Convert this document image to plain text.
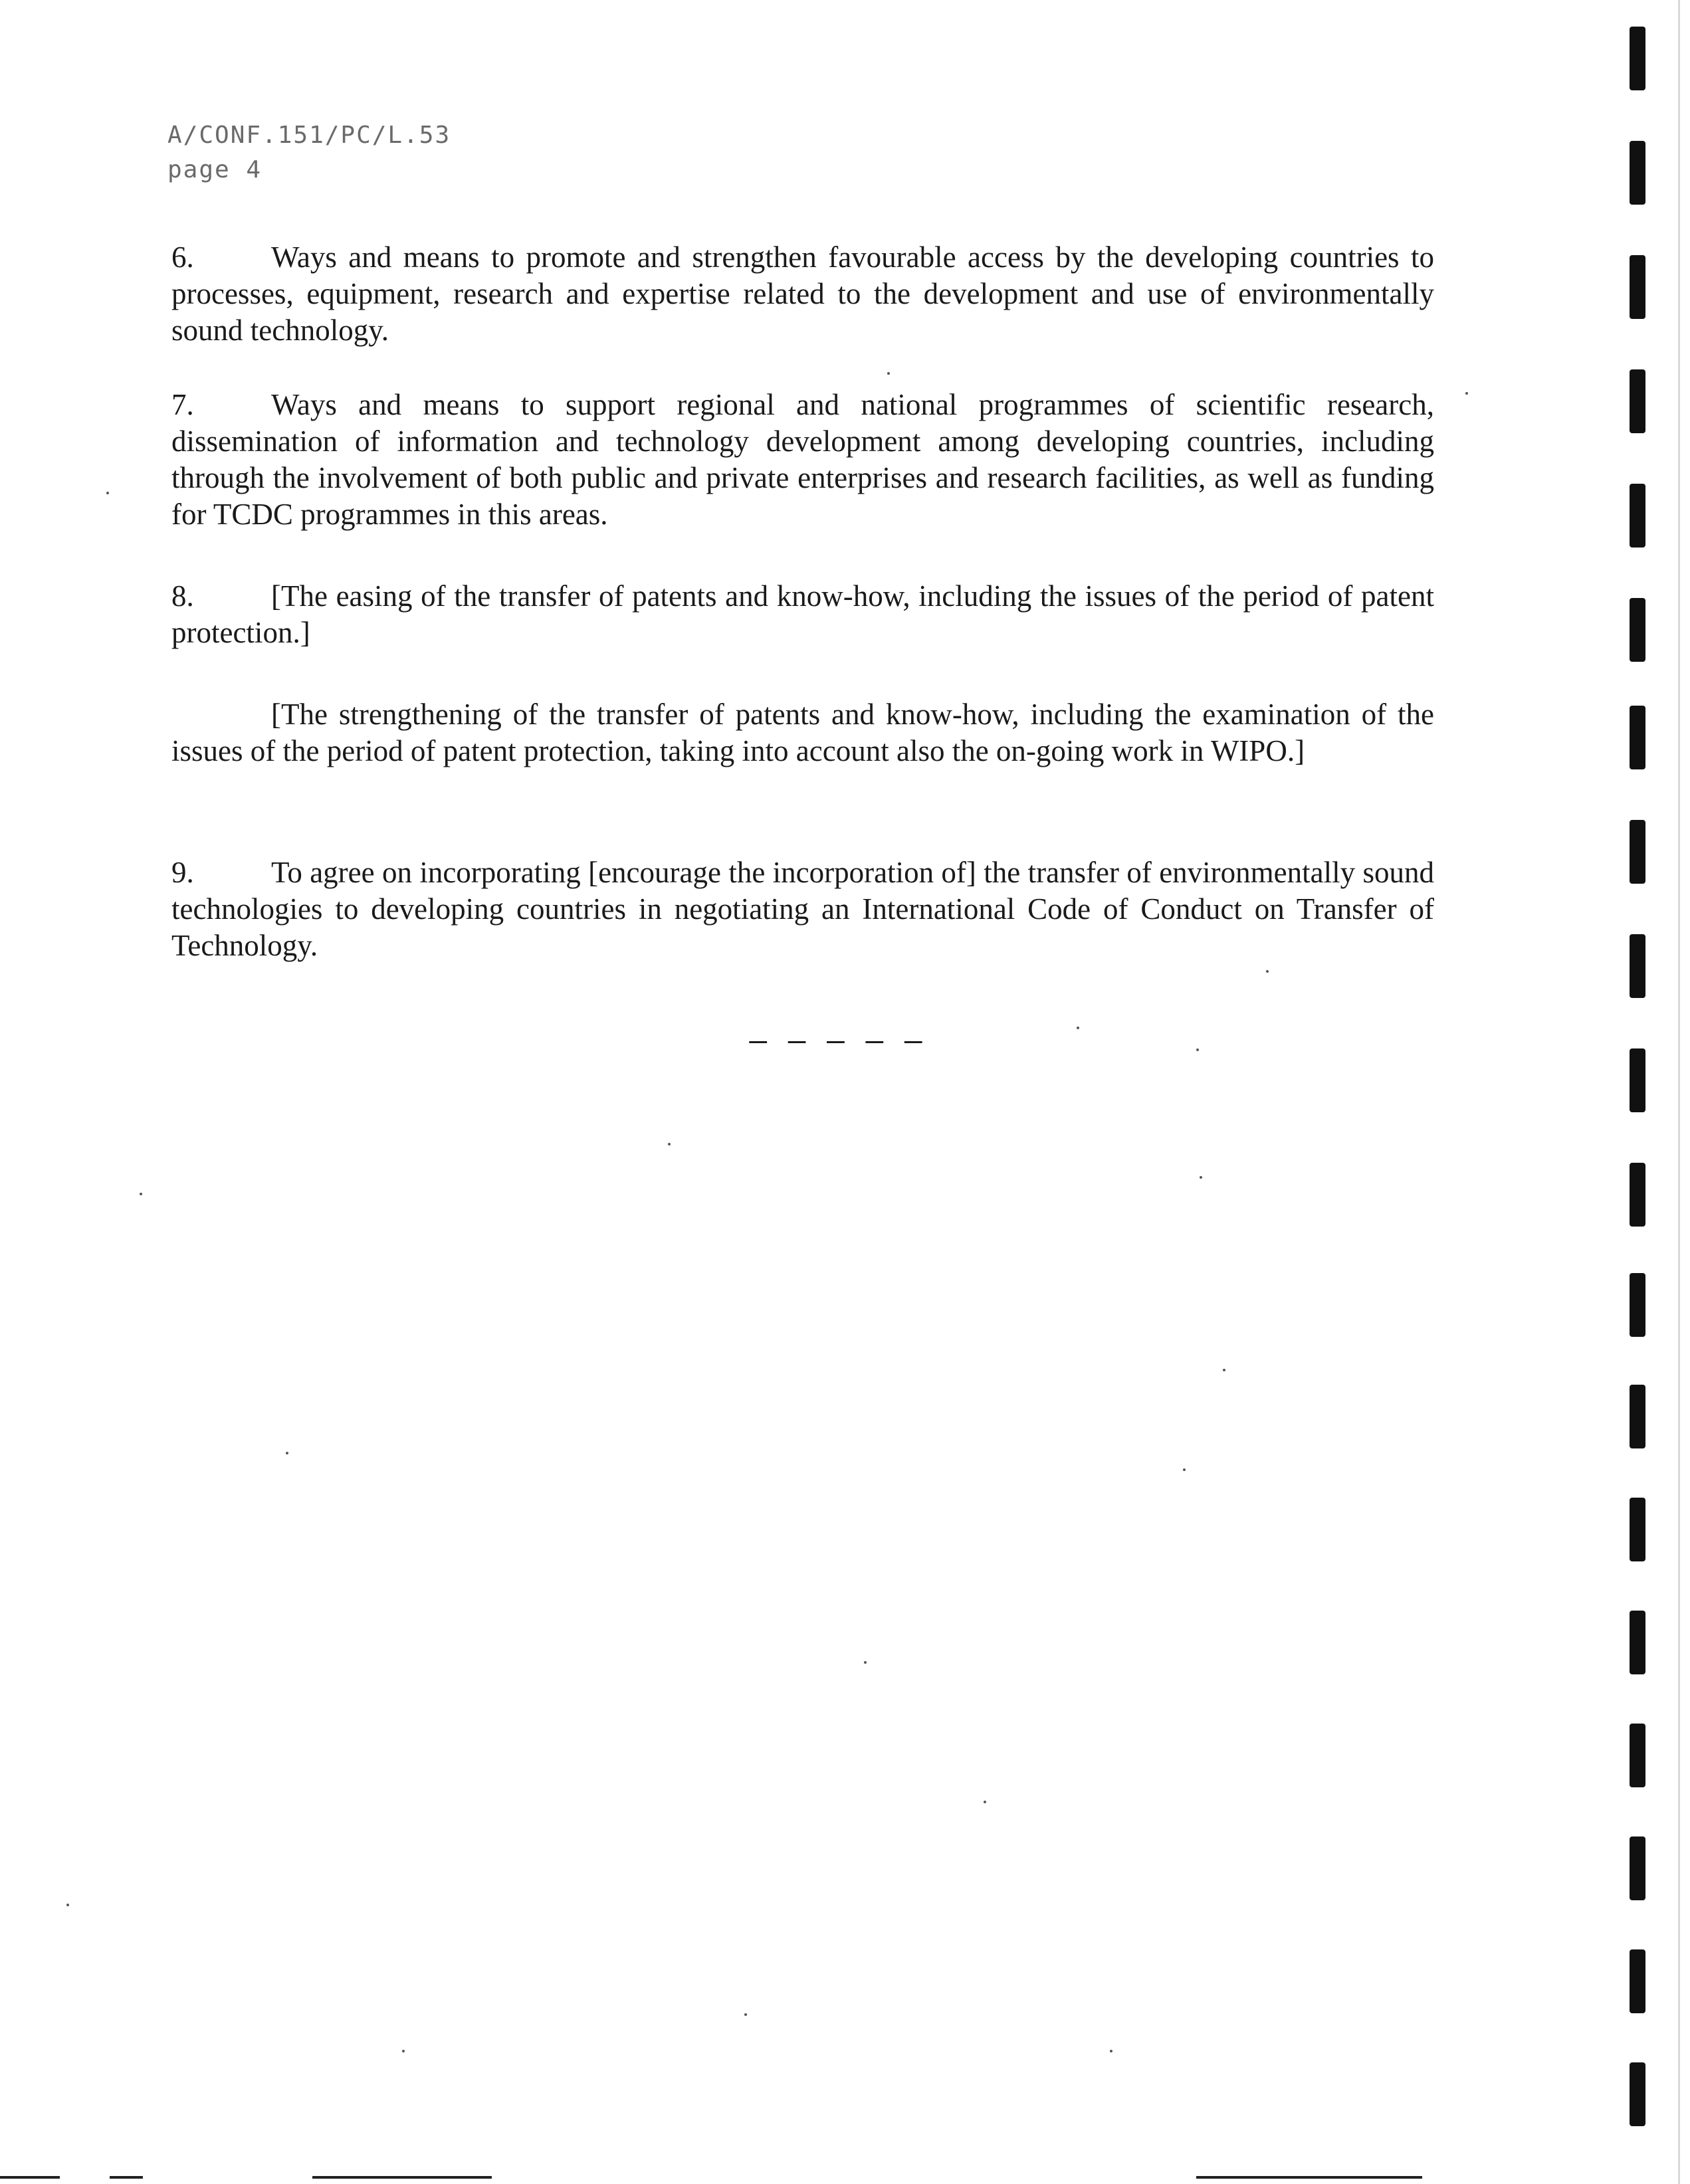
A/CONF.151/PC/L.53
page 4

6.	Ways and means to promote and strengthen favourable access by the developing countries to processes, equipment, research and expertise related to the development and use of environmentally sound technology.

7.	Ways and means to support regional and national programmes of scientific research, dissemination of information and technology development among developing countries, including through the involvement of both public and private enterprises and research facilities, as well as funding for TCDC programmes in this areas.

8.	[The easing of the transfer of patents and know-how, including the issues of the period of patent protection.]

[The strengthening of the transfer of patents and know-how, including the examination of the issues of the period of patent protection, taking into account also the on-going work in WIPO.]

9.	To agree on incorporating [encourage the incorporation of] the transfer of environmentally sound technologies to developing countries in negotiating an International Code of Conduct on Transfer of Technology.

_ _ _ _ _
